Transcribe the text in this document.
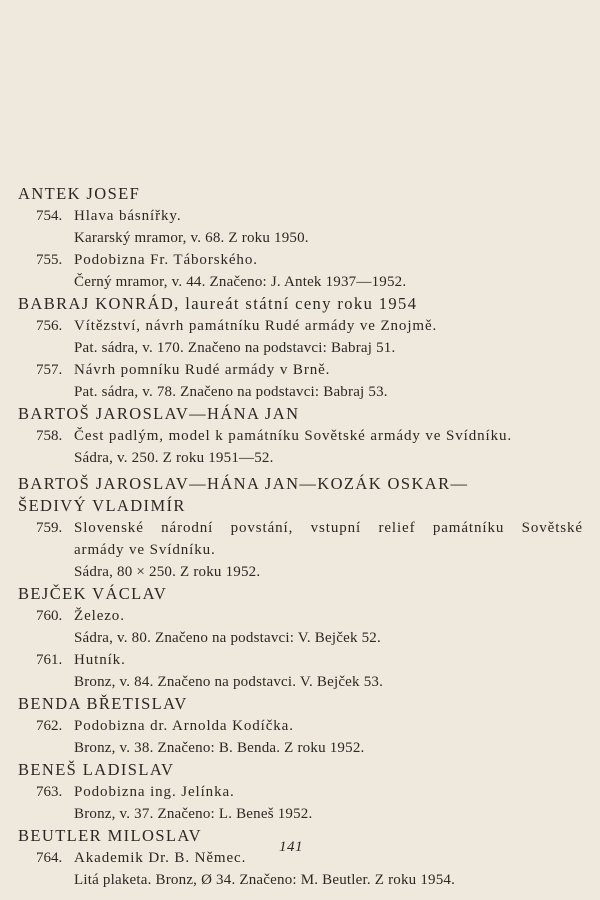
ANTEK JOSEF
754. Hlava básnířky.
Kararský mramor, v. 68. Z roku 1950.
755. Podobizna Fr. Táborského.
Černý mramor, v. 44. Značeno: J. Antek 1937—1952.
BABRAJ KONRÁD, laureát státní ceny roku 1954
756. Vítězství, návrh památníku Rudé armády ve Znojmě.
Pat. sádra, v. 170. Značeno na podstavci: Babraj 51.
757. Návrh pomníku Rudé armády v Brně.
Pat. sádra, v. 78. Značeno na podstavci: Babraj 53.
BARTOŠ JAROSLAV—HÁNA JAN
758. Čest padlým, model k památníku Sovětské armády ve Svídníku.
Sádra, v. 250. Z roku 1951—52.
BARTOŠ JAROSLAV—HÁNA JAN—KOZÁK OSKAR—
ŠEDIVÝ VLADIMÍR
759. Slovenské národní povstání, vstupní relief památníku Sovětské
armády ve Svídníku.
Sádra, 80 × 250. Z roku 1952.
BEJČEK VÁCLAV
760. Železo.
Sádra, v. 80. Značeno na podstavci: V. Bejček 52.
761. Hutník.
Bronz, v. 84. Značeno na podstavci. V. Bejček 53.
BENDA BŘETISLAV
762. Podobizna dr. Arnolda Kodíčka.
Bronz, v. 38. Značeno: B. Benda. Z roku 1952.
BENEŠ LADISLAV
763. Podobizna ing. Jelínka.
Bronz, v. 37. Značeno: L. Beneš 1952.
BEUTLER MILOSLAV
764. Akademik Dr. B. Němec.
Litá plaketa. Bronz, Ø 34. Značeno: M. Beutler. Z roku 1954.
141
